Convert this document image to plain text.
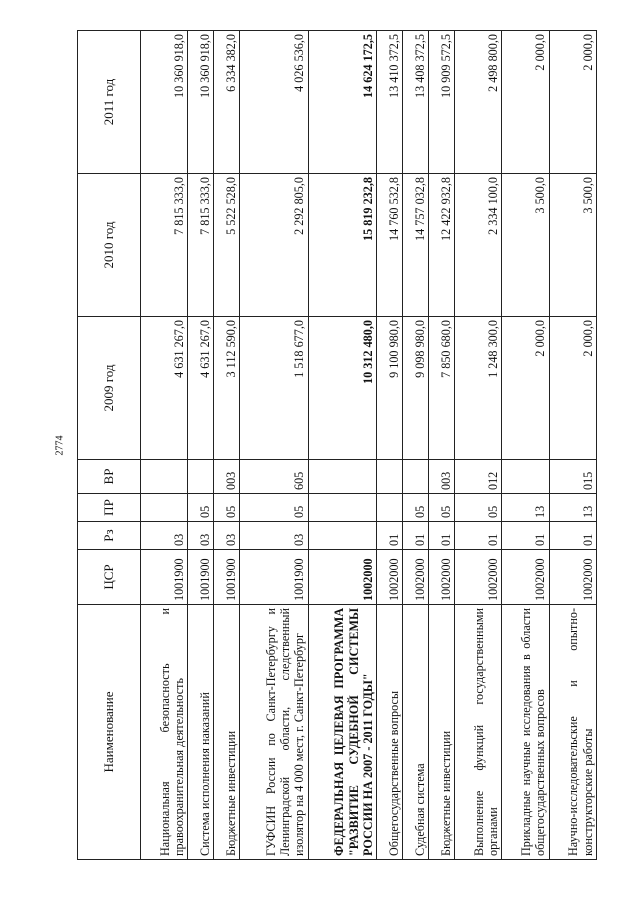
2774
Наименование	ЦСР	Рз	ПР	ВР	2009 год	2010 год	2011 год
Национальная безопасность и правоохранительная деятельность	1001900	03			4 631 267,0	7 815 333,0	10 360 918,0
Система исполнения наказаний	1001900	03	05		4 631 267,0	7 815 333,0	10 360 918,0
Бюджетные инвестиции	1001900	03	05	003	3 112 590,0	5 522 528,0	6 334 382,0
ГУФСИН России по Санкт-Петербургу и Ленинградской области, следственный изолятор на 4 000 мест, г. Санкт-Петербург	1001900	03	05	605	1 518 677,0	2 292 805,0	4 026 536,0
ФЕДЕРАЛЬНАЯ ЦЕЛЕВАЯ ПРОГРАММА "РАЗВИТИЕ СУДЕБНОЙ СИСТЕМЫ РОССИИ НА 2007 - 2011 ГОДЫ"	1002000				10 312 480,0	15 819 232,8	14 624 172,5
Общегосударственные вопросы	1002000	01			9 100 980,0	14 760 532,8	13 410 372,5
Судебная система	1002000	01	05		9 098 980,0	14 757 032,8	13 408 372,5
Бюджетные инвестиции	1002000	01	05	003	7 850 680,0	12 422 932,8	10 909 572,5
Выполнение функций государственными органами	1002000	01	05	012	1 248 300,0	2 334 100,0	2 498 800,0
Прикладные научные исследования в области общегосударственных вопросов	1002000	01	13		2 000,0	3 500,0	2 000,0
Научно-исследовательские и опытно-конструкторские работы	1002000	01	13	015	2 000,0	3 500,0	2 000,0
